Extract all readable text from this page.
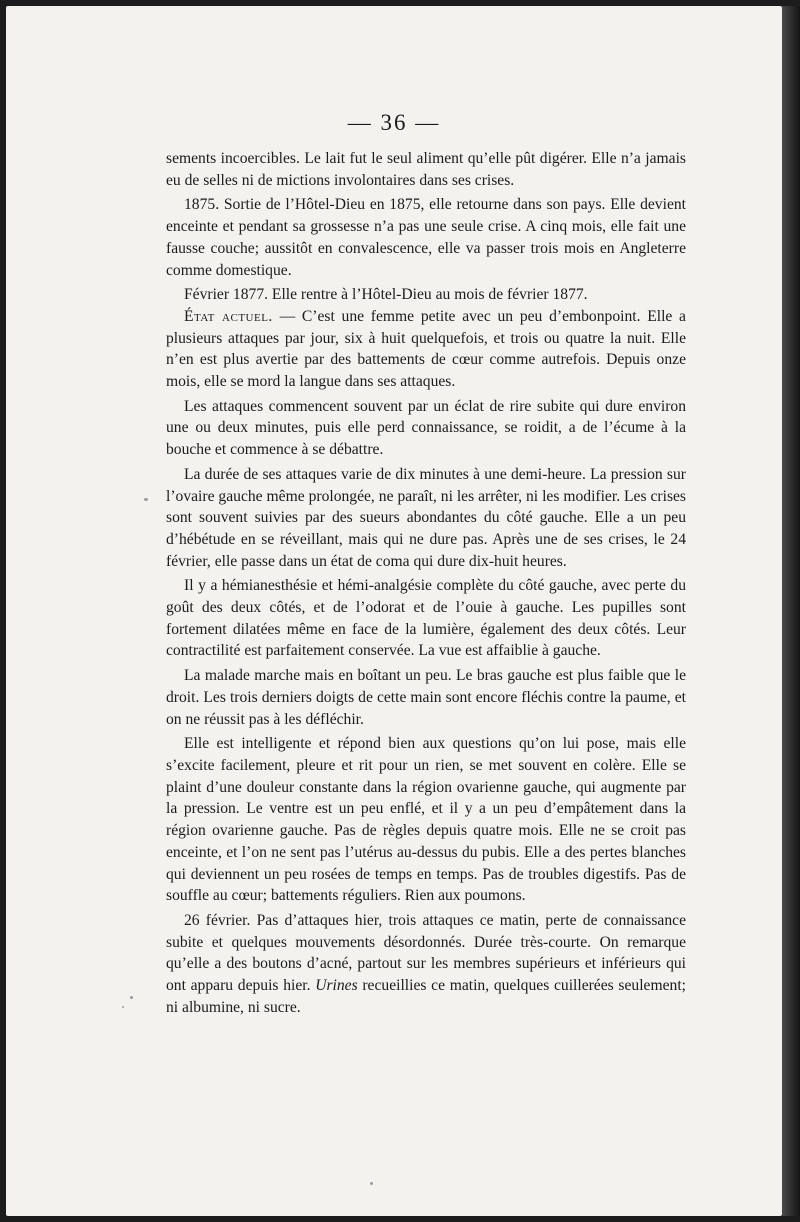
— 36 —

sements incoercibles. Le lait fut le seul aliment qu’elle pût digérer. Elle n’a jamais eu de selles ni de mictions involontaires dans ses crises.

1875. Sortie de l’Hôtel-Dieu en 1875, elle retourne dans son pays. Elle devient enceinte et pendant sa grossesse n’a pas une seule crise. A cinq mois, elle fait une fausse couche; aussitôt en convalescence, elle va passer trois mois en Angleterre comme domestique.

Février 1877. Elle rentre à l’Hôtel-Dieu au mois de février 1877.

État actuel. — C’est une femme petite avec un peu d’embonpoint. Elle a plusieurs attaques par jour, six à huit quelquefois, et trois ou quatre la nuit. Elle n’en est plus avertie par des battements de cœur comme autrefois. Depuis onze mois, elle se mord la langue dans ses attaques.

Les attaques commencent souvent par un éclat de rire subite qui dure environ une ou deux minutes, puis elle perd connaissance, se roidit, a de l’écume à la bouche et commence à se débattre.

La durée de ses attaques varie de dix minutes à une demi-heure. La pression sur l’ovaire gauche même prolongée, ne paraît, ni les arrêter, ni les modifier. Les crises sont souvent suivies par des sueurs abondantes du côté gauche. Elle a un peu d’hébétude en se réveillant, mais qui ne dure pas. Après une de ses crises, le 24 février, elle passe dans un état de coma qui dure dix-huit heures.

Il y a hémianesthésie et hémi-analgésie complète du côté gauche, avec perte du goût des deux côtés, et de l’odorat et de l’ouie à gauche. Les pupilles sont fortement dilatées même en face de la lumière, également des deux côtés. Leur contractilité est parfaitement conservée. La vue est affaiblie à gauche.

La malade marche mais en boîtant un peu. Le bras gauche est plus faible que le droit. Les trois derniers doigts de cette main sont encore fléchis contre la paume, et on ne réussit pas à les défléchir.

Elle est intelligente et répond bien aux questions qu’on lui pose, mais elle s’excite facilement, pleure et rit pour un rien, se met souvent en colère. Elle se plaint d’une douleur constante dans la région ovarienne gauche, qui augmente par la pression. Le ventre est un peu enflé, et il y a un peu d’empâtement dans la région ovarienne gauche. Pas de règles depuis quatre mois. Elle ne se croit pas enceinte, et l’on ne sent pas l’utérus au-dessus du pubis. Elle a des pertes blanches qui deviennent un peu rosées de temps en temps. Pas de troubles digestifs. Pas de souffle au cœur; battements réguliers. Rien aux poumons.

26 février. Pas d’attaques hier, trois attaques ce matin, perte de connaissance subite et quelques mouvements désordonnés. Durée très-courte. On remarque qu’elle a des boutons d’acné, partout sur les membres supérieurs et inférieurs qui ont apparu depuis hier. Urines recueillies ce matin, quelques cuillerées seulement; ni albumine, ni sucre.
